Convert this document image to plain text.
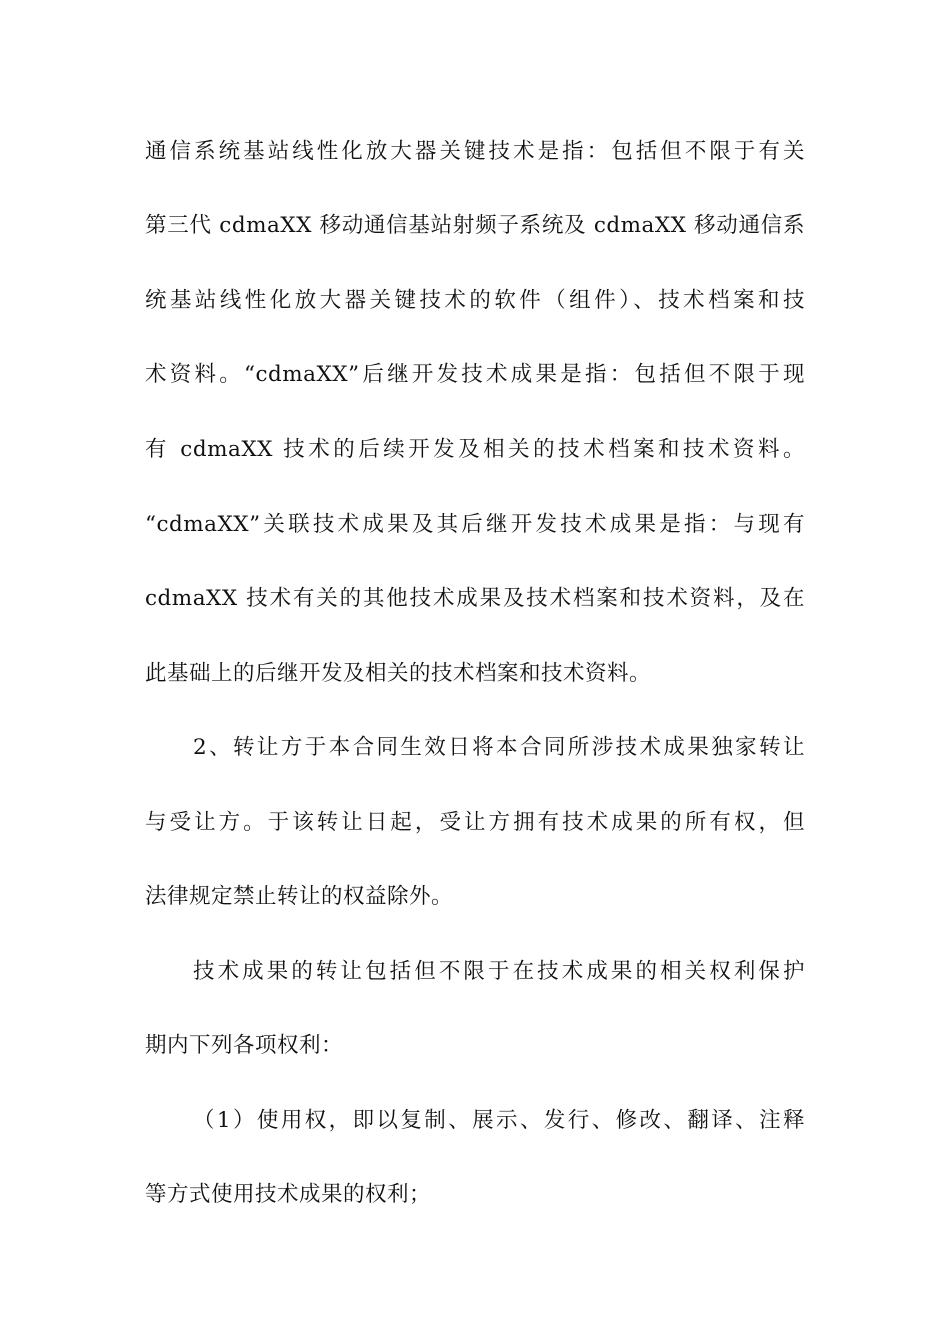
通信系统基站线性化放大器关键技术是指：包括但不限于有关
第三代 cdmaXX 移动通信基站射频子系统及 cdmaXX 移动通信系
统基站线性化放大器关键技术的软件（组件）、技术档案和技
术资料。“cdmaXX”后继开发技术成果是指：包括但不限于现
有 cdmaXX 技术的后续开发及相关的技术档案和技术资料。
“cdmaXX”关联技术成果及其后继开发技术成果是指：与现有
cdmaXX 技术有关的其他技术成果及技术档案和技术资料，及在
此基础上的后继开发及相关的技术档案和技术资料。
2、转让方于本合同生效日将本合同所涉技术成果独家转让
与受让方。于该转让日起，受让方拥有技术成果的所有权，但
法律规定禁止转让的权益除外。
技术成果的转让包括但不限于在技术成果的相关权利保护
期内下列各项权利：
（1）使用权，即以复制、展示、发行、修改、翻译、注释
等方式使用技术成果的权利；
